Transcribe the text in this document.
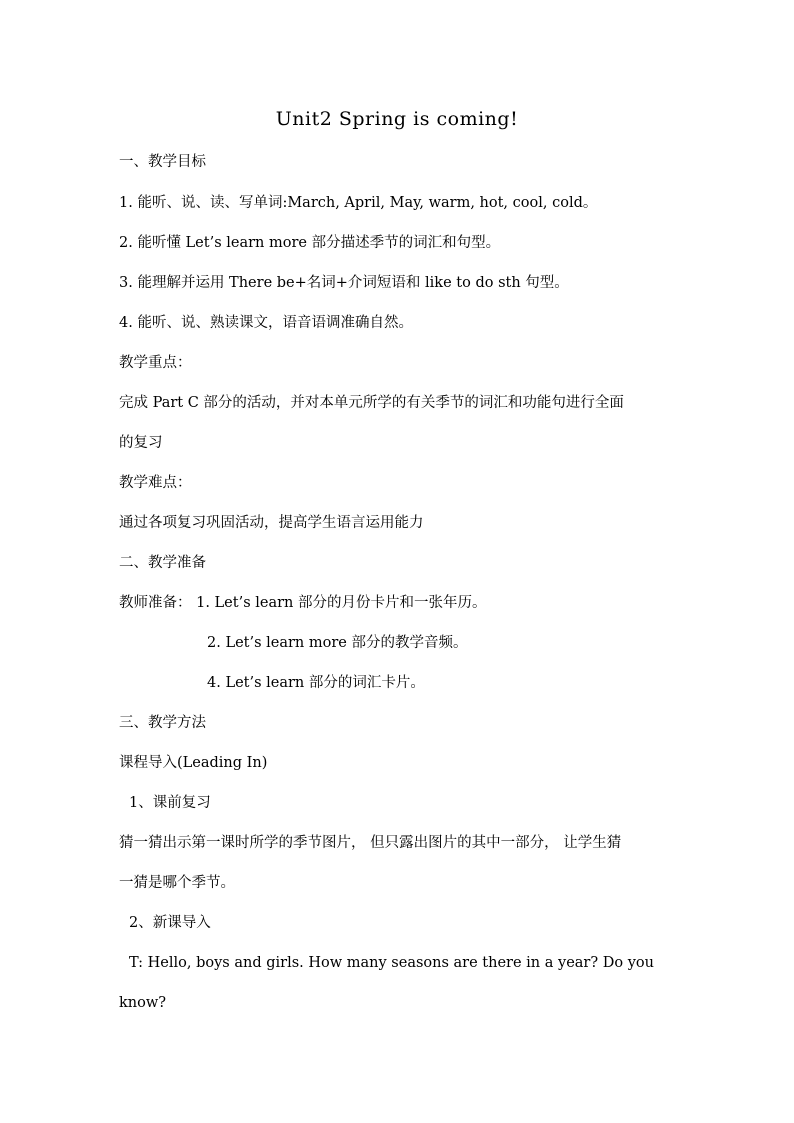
Unit2 Spring is coming!
一、教学目标
1. 能听、说、读、写单词:March, April, May, warm, hot, cool, cold。
2. 能听懂 Let’s learn more 部分描述季节的词汇和句型。
3. 能理解并运用 There be+名词+介词短语和 like to do sth 句型。
4. 能听、说、熟读课文，语音语调准确自然。
教学重点：
完成 Part C 部分的活动，并对本单元所学的有关季节的词汇和功能句进行全面
的复习
教学难点：
通过各项复习巩固活动，提高学生语言运用能力
二、教学准备
教师准备： 1. Let’s learn 部分的月份卡片和一张年历。
2. Let’s learn more 部分的教学音频。
4. Let’s learn 部分的词汇卡片。
三、教学方法
课程导入(Leading In)
1、课前复习
猜一猜出示第一课时所学的季节图片， 但只露出图片的其中一部分， 让学生猜
一猜是哪个季节。
2、新课导入
T: Hello, boys and girls. How many seasons are there in a year? Do you
know?
